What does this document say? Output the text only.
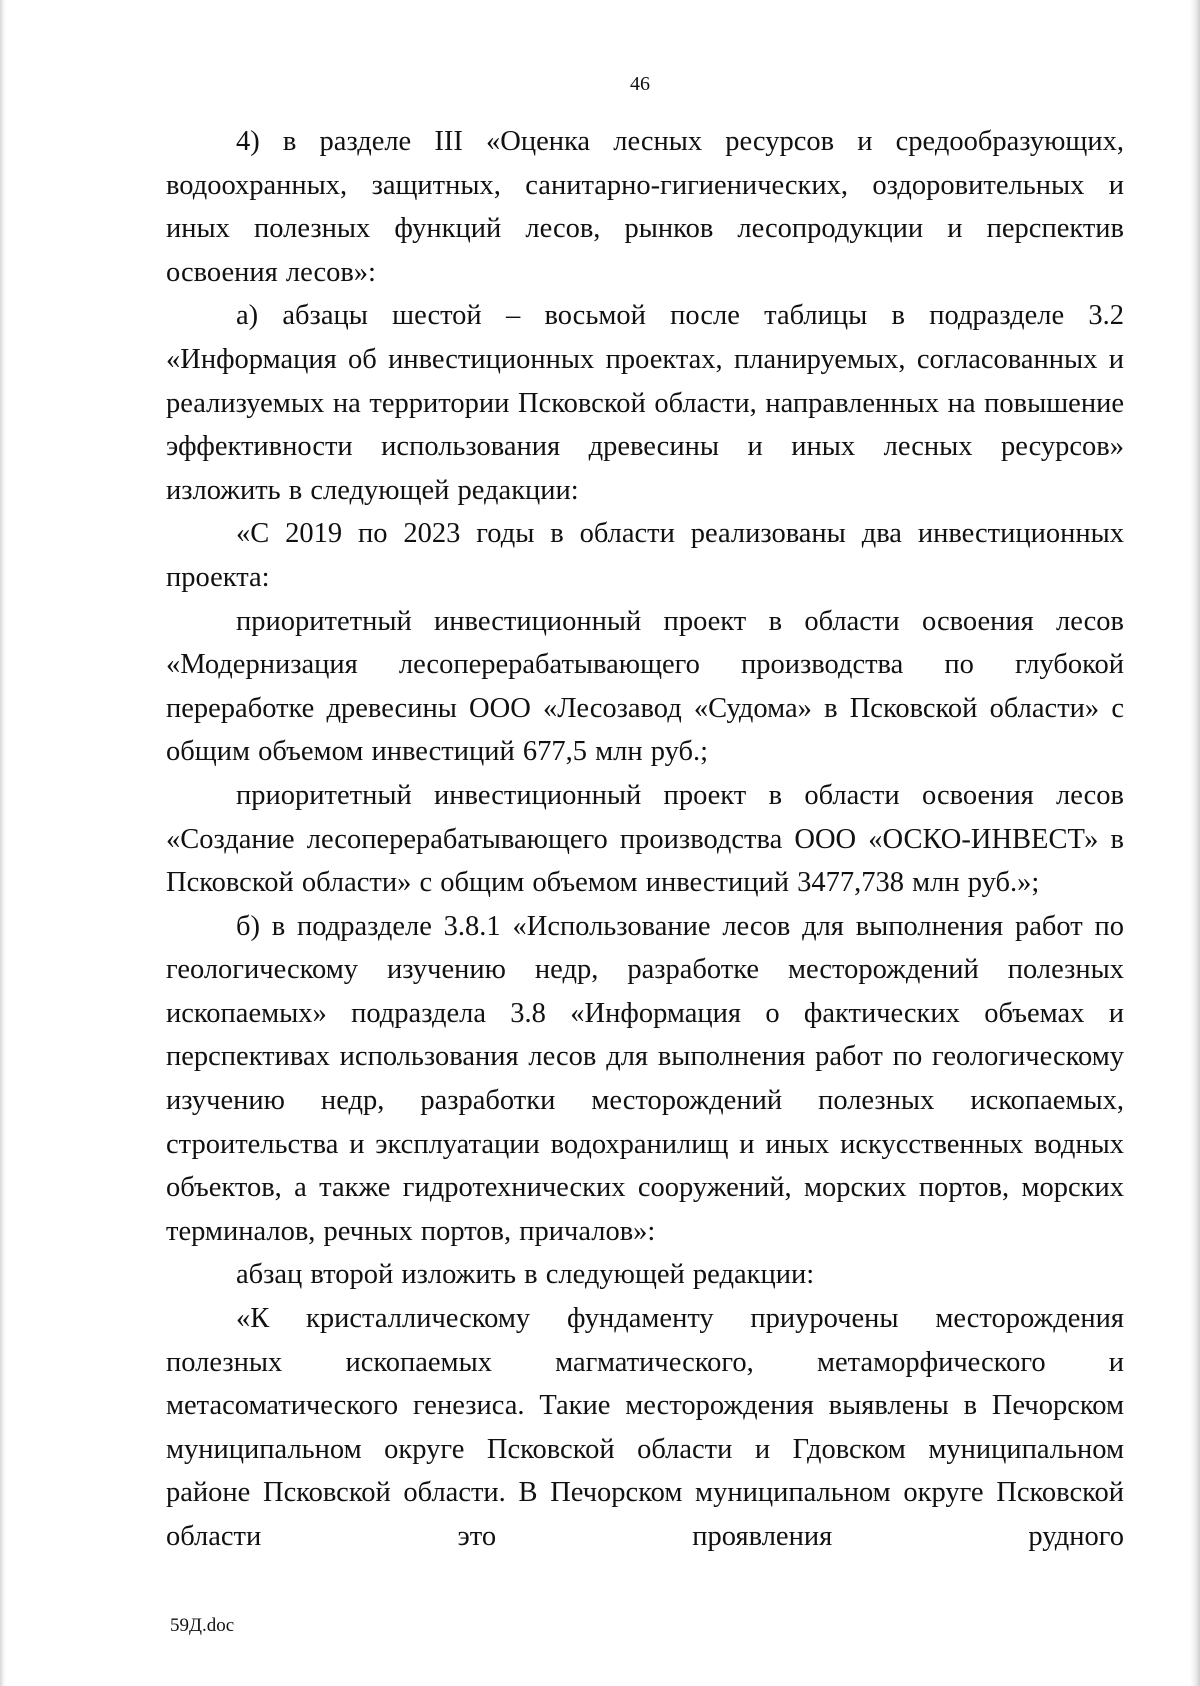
46

4) в разделе III «Оценка лесных ресурсов и средообразующих, водоохранных, защитных, санитарно-гигиенических, оздоровительных и иных полезных функций лесов, рынков лесопродукции и перспектив освоения лесов»:

а) абзацы шестой – восьмой после таблицы в подразделе 3.2 «Информация об инвестиционных проектах, планируемых, согласованных и реализуемых на территории Псковской области, направленных на повышение эффективности использования древесины и иных лесных ресурсов» изложить в следующей редакции:

«С 2019 по 2023 годы в области реализованы два инвестиционных проекта:

приоритетный инвестиционный проект в области освоения лесов «Модернизация лесоперерабатывающего производства по глубокой переработке древесины ООО «Лесозавод «Судома» в Псковской области» с общим объемом инвестиций 677,5 млн руб.;

приоритетный инвестиционный проект в области освоения лесов «Создание лесоперерабатывающего производства ООО «ОСКО-ИНВЕСТ» в Псковской области» с общим объемом инвестиций 3477,738 млн руб.»;

б) в подразделе 3.8.1 «Использование лесов для выполнения работ по геологическому изучению недр, разработке месторождений полезных ископаемых» подраздела 3.8 «Информация о фактических объемах и перспективах использования лесов для выполнения работ по геологическому изучению недр, разработки месторождений полезных ископаемых, строительства и эксплуатации водохранилищ и иных искусственных водных объектов, а также гидротехнических сооружений, морских портов, морских терминалов, речных портов, причалов»:

абзац второй изложить в следующей редакции:

«К кристаллическому фундаменту приурочены месторождения полезных ископаемых магматического, метаморфического и метасоматического генезиса. Такие месторождения выявлены в Печорском муниципальном округе Псковской области и Гдовском муниципальном районе Псковской области. В Печорском муниципальном округе Псковской области это проявления рудного

59Д.doc
